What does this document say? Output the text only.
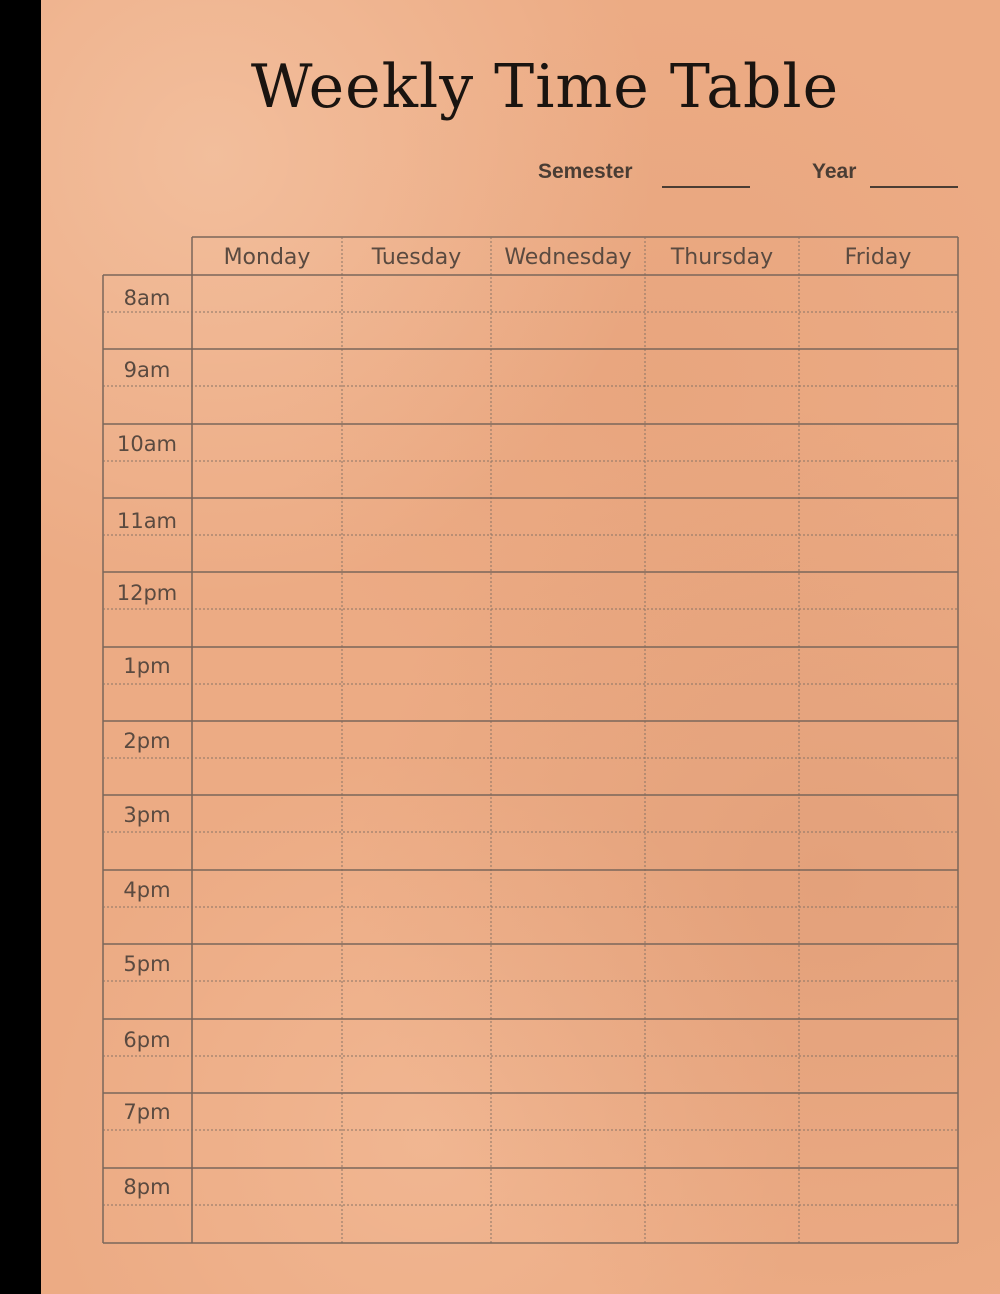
Weekly Time Table
Semester	Year
Monday	Tuesday	Wednesday	Thursday	Friday
8am
9am
10am
11am
12pm
1pm
2pm
3pm
4pm
5pm
6pm
7pm
8pm
